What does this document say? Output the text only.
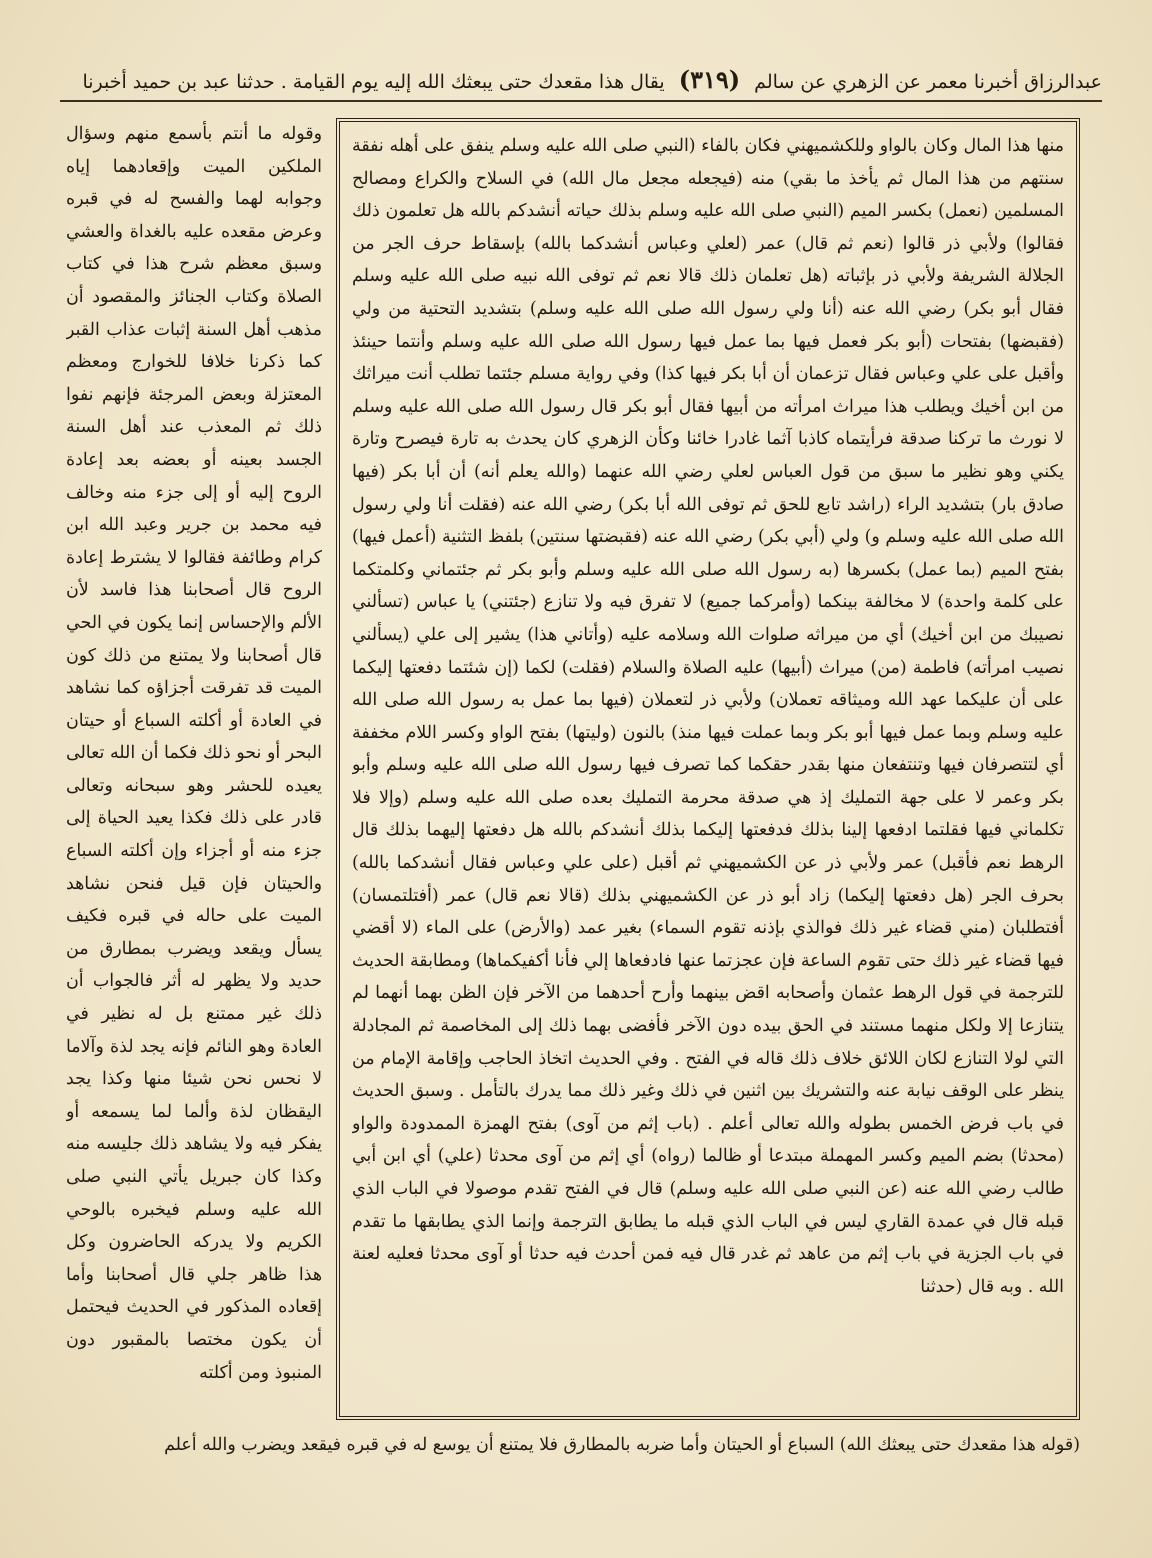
عبدالرزاق أخبرنا معمر عن الزهري عن سالم (٣١٩) يقال هذا مقعدك حتى يبعثك الله إليه يوم القيامة . حدثنا عبد بن حميد أخبرنا
منها هذا المال وكان بالواو وللكشميهني فكان بالفاء (النبي صلى الله عليه وسلم ينفق على أهله نفقة سنتهم من هذا المال ثم يأخذ ما بقي) منه (فيجعله مجعل مال الله) في السلاح والكراع ومصالح المسلمين (نعمل) بكسر الميم (النبي صلى الله عليه وسلم بذلك حياته أنشدكم بالله هل تعلمون ذلك فقالوا) ولأبي ذر قالوا (نعم ثم قال) عمر (لعلي وعباس أنشدكما بالله) بإسقاط حرف الجر من الجلالة الشريفة ولأبي ذر بإثباته (هل تعلمان ذلك قالا نعم ثم توفى الله نبيه صلى الله عليه وسلم فقال أبو بكر) رضي الله عنه (أنا ولي رسول الله صلى الله عليه وسلم) بتشديد التحتية من ولي (فقبضها) بفتحات (أبو بكر فعمل فيها بما عمل فيها رسول الله صلى الله عليه وسلم وأنتما حينئذ وأقبل على علي وعباس فقال تزعمان أن أبا بكر فيها كذا) وفي رواية مسلم جئتما تطلب أنت ميراثك من ابن أخيك ويطلب هذا ميراث امرأته من أبيها فقال أبو بكر قال رسول الله صلى الله عليه وسلم لا نورث ما تركنا صدقة فرأيتماه كاذبا آثما غادرا خائنا وكأن الزهري كان يحدث به تارة فيصرح وتارة يكني وهو نظير ما سبق من قول العباس لعلي رضي الله عنهما (والله يعلم أنه) أن أبا بكر (فيها صادق بار) بتشديد الراء (راشد تابع للحق ثم توفى الله أبا بكر) رضي الله عنه (فقلت أنا ولي رسول الله صلى الله عليه وسلم و) ولي (أبي بكر) رضي الله عنه (فقبضتها سنتين) بلفظ التثنية (أعمل فيها) بفتح الميم (بما عمل) بكسرها (به رسول الله صلى الله عليه وسلم وأبو بكر ثم جئتماني وكلمتكما على كلمة واحدة) لا مخالفة بينكما (وأمركما جميع) لا تفرق فيه ولا تنازع (جئتني) يا عباس (تسألني نصيبك من ابن أخيك) أي من ميراثه صلوات الله وسلامه عليه (وأتاني هذا) يشير إلى علي (يسألني نصيب امرأته) فاطمة (من) ميراث (أبيها) عليه الصلاة والسلام (فقلت) لكما (إن شئتما دفعتها إليكما على أن عليكما عهد الله وميثاقه تعملان) ولأبي ذر لتعملان (فيها بما عمل به رسول الله صلى الله عليه وسلم وبما عمل فيها أبو بكر وبما عملت فيها منذ) بالنون (وليتها) بفتح الواو وكسر اللام مخففة أي لتتصرفان فيها وتنتفعان منها بقدر حقكما كما تصرف فيها رسول الله صلى الله عليه وسلم وأبو بكر وعمر لا على جهة التمليك إذ هي صدقة محرمة التمليك بعده صلى الله عليه وسلم (وإلا فلا تكلماني فيها فقلتما ادفعها إلينا بذلك فدفعتها إليكما بذلك أنشدكم بالله هل دفعتها إليهما بذلك قال الرهط نعم فأقبل) عمر ولأبي ذر عن الكشميهني ثم أقبل (على علي وعباس فقال أنشدكما بالله) بحرف الجر (هل دفعتها إليكما) زاد أبو ذر عن الكشميهني بذلك (قالا نعم قال) عمر (أفتلتمسان) أفتطلبان (مني قضاء غير ذلك فوالذي بإذنه تقوم السماء) بغير عمد (والأرض) على الماء (لا أقضي فيها قضاء غير ذلك حتى تقوم الساعة فإن عجزتما عنها فادفعاها إلي فأنا أكفيكماها) ومطابقة الحديث للترجمة في قول الرهط عثمان وأصحابه اقض بينهما وأرح أحدهما من الآخر فإن الظن بهما أنهما لم يتنازعا إلا ولكل منهما مستند في الحق بيده دون الآخر فأفضى بهما ذلك إلى المخاصمة ثم المجادلة التي لولا التنازع لكان اللائق خلاف ذلك قاله في الفتح . وفي الحديث اتخاذ الحاجب وإقامة الإمام من ينظر على الوقف نيابة عنه والتشريك بين اثنين في ذلك وغير ذلك مما يدرك بالتأمل . وسبق الحديث في باب فرض الخمس بطوله والله تعالى أعلم . (باب إثم من آوى) بفتح الهمزة الممدودة والواو (محدثا) بضم الميم وكسر المهملة مبتدعا أو ظالما (رواه) أي إثم من آوى محدثا (علي) أي ابن أبي طالب رضي الله عنه (عن النبي صلى الله عليه وسلم) قال في الفتح تقدم موصولا في الباب الذي قبله قال في عمدة القاري ليس في الباب الذي قبله ما يطابق الترجمة وإنما الذي يطابقها ما تقدم في باب الجزية في باب إثم من عاهد ثم غدر قال فيه فمن أحدث فيه حدثا أو آوى محدثا فعليه لعنة الله . وبه قال (حدثنا
وقوله ما أنتم بأسمع منهم وسؤال الملكين الميت وإقعادهما إياه وجوابه لهما والفسح له في قبره وعرض مقعده عليه بالغداة والعشي وسبق معظم شرح هذا في كتاب الصلاة وكتاب الجنائز والمقصود أن مذهب أهل السنة إثبات عذاب القبر كما ذكرنا خلافا للخوارج ومعظم المعتزلة وبعض المرجئة فإنهم نفوا ذلك ثم المعذب عند أهل السنة الجسد بعينه أو بعضه بعد إعادة الروح إليه أو إلى جزء منه وخالف فيه محمد بن جرير وعبد الله ابن كرام وطائفة فقالوا لا يشترط إعادة الروح قال أصحابنا هذا فاسد لأن الألم والإحساس إنما يكون في الحي قال أصحابنا ولا يمتنع من ذلك كون الميت قد تفرقت أجزاؤه كما نشاهد في العادة أو أكلته السباع أو حيتان البحر أو نحو ذلك فكما أن الله تعالى يعيده للحشر وهو سبحانه وتعالى قادر على ذلك فكذا يعيد الحياة إلى جزء منه أو أجزاء وإن أكلته السباع والحيتان فإن قيل فنحن نشاهد الميت على حاله في قبره فكيف يسأل ويقعد ويضرب بمطارق من حديد ولا يظهر له أثر فالجواب أن ذلك غير ممتنع بل له نظير في العادة وهو النائم فإنه يجد لذة وآلاما لا نحس نحن شيئا منها وكذا يجد اليقظان لذة وألما لما يسمعه أو يفكر فيه ولا يشاهد ذلك جليسه منه وكذا كان جبريل يأتي النبي صلى الله عليه وسلم فيخبره بالوحي الكريم ولا يدركه الحاضرون وكل هذا ظاهر جلي قال أصحابنا وأما إقعاده المذكور في الحديث فيحتمل أن يكون مختصا بالمقبور دون المنبوذ ومن أكلته
(قوله هذا مقعدك حتى يبعثك الله) السباع أو الحيتان وأما ضربه بالمطارق فلا يمتنع أن يوسع له في قبره فيقعد ويضرب والله أعلم
